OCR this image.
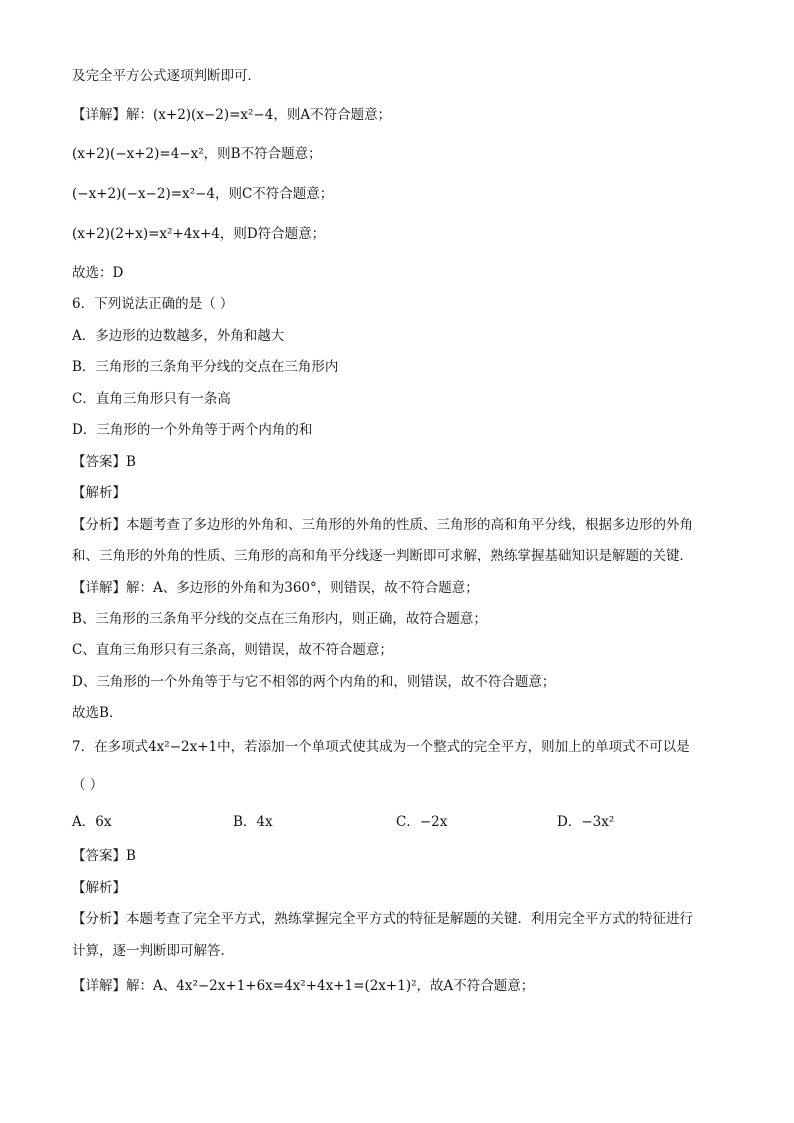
及完全平方公式逐项判断即可．
【详解】解：(x+2)(x−2)=x²−4，则A不符合题意；
(x+2)(−x+2)=4−x²，则B不符合题意；
(−x+2)(−x−2)=x²−4，则C不符合题意；
(x+2)(2+x)=x²+4x+4，则D符合题意；
故选：D
6．下列说法正确的是（ ）
A．多边形的边数越多，外角和越大
B．三角形的三条角平分线的交点在三角形内
C．直角三角形只有一条高
D．三角形的一个外角等于两个内角的和
【答案】B
【解析】
【分析】本题考查了多边形的外角和、三角形的外角的性质、三角形的高和角平分线，根据多边形的外角
和、三角形的外角的性质、三角形的高和角平分线逐一判断即可求解，熟练掌握基础知识是解题的关键．
【详解】解：A、多边形的外角和为360°，则错误，故不符合题意；
B、三角形的三条角平分线的交点在三角形内，则正确，故符合题意；
C、直角三角形只有三条高，则错误，故不符合题意；
D、三角形的一个外角等于与它不相邻的两个内角的和，则错误，故不符合题意；
故选B．
7．在多项式4x²−2x+1中，若添加一个单项式使其成为一个整式的完全平方，则加上的单项式不可以是
（ ）
A．6x	B．4x	C．−2x	D．−3x²
【答案】B
【解析】
【分析】本题考查了完全平方式，熟练掌握完全平方式的特征是解题的关键．利用完全平方式的特征进行
计算，逐一判断即可解答．
【详解】解：A、4x²−2x+1+6x=4x²+4x+1=(2x+1)²，故A不符合题意；
